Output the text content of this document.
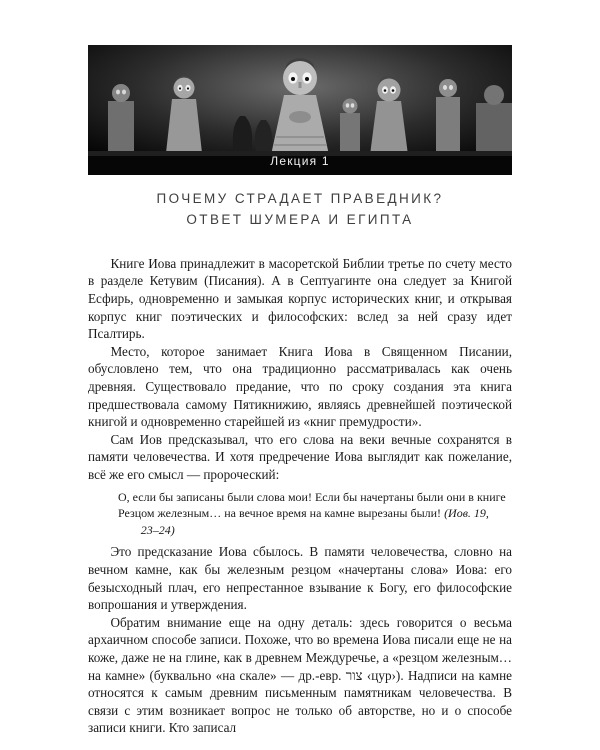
Лекция 1
ПОЧЕМУ СТРАДАЕТ ПРАВЕДНИК?
ОТВЕТ ШУМЕРА И ЕГИПТА

Книге Иова принадлежит в масоретской Библии третье по счету место в разделе Кетувим (Писания). А в Септуагинте она следует за Книгой Есфирь, одновременно и замыкая корпус исторических книг, и открывая корпус книг поэтических и философских: вслед за ней сразу идет Псалтирь.

Место, которое занимает Книга Иова в Священном Писании, обусловлено тем, что она традиционно рассматривалась как очень древняя. Существовало предание, что по сроку создания эта книга предшествовала самому Пятикнижию, являясь древнейшей поэтической книгой и одновременно старейшей из «книг премудрости».

Сам Иов предсказывал, что его слова на веки вечные сохранятся в памяти человечества. И хотя предречение Иова выглядит как пожелание, всё же его смысл — пророческий:

О, если бы записаны были слова мои! Если бы начертаны были они в книге

Резцом железным… на вечное время на камне вырезаны были! (Иов. 19, 23–24)

Это предсказание Иова сбылось. В памяти человечества, словно на вечном камне, как бы железным резцом «начертаны слова» Иова: его безысходный плач, его непрестанное взывание к Богу, его философские вопрошания и утверждения.

Обратим внимание еще на одну деталь: здесь говорится о весьма архаичном способе записи. Похоже, что во времена Иова писали еще не на коже, даже не на глине, как в древнем Междуречье, а «резцом железным… на камне» (буквально «на скале» — др.-евр. צור ‹цур›). Надписи на камне относятся к самым древним письменным памятникам человечества. В связи с этим возникает вопрос не только об авторстве, но и о способе записи книги. Кто записал
